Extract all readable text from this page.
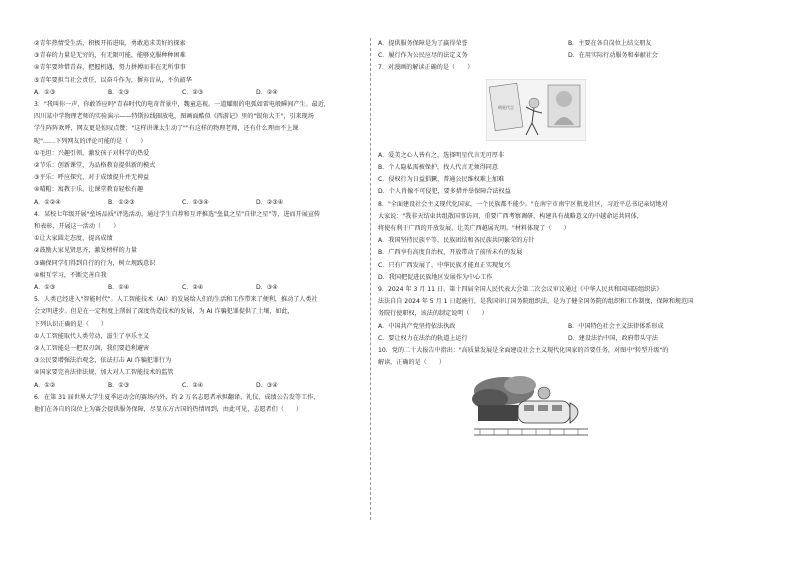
②青年热情受生活，积极开拓进取，勇敢追求美好的探索
③青春的力量是无穷的，有无限可能，能够克服种种困难
④青年要珍惜青春，把握机遇，努力拼搏而非在无所事事
⑤青年要担当社会责任，以奋斗作为，摒弃盲从，不负韶华
A．①③	B．①③	C．②③	D．②④
3．"我叫你一声，你敢答应吗"青春时代的电奇背景中，魏童巡视。一道耀眼的电弧如雷电般瞬间产生。最近，
四川某中学物理老师的实验演示——特斯拉线圈放电，图画面酷似《西游记》里的"银角大王"，引来现场
学生阵阵欢呼，网友更是惊叹点赞："这样讲课太生动了""有这样的物理老师，还有什么理由不上课
呢"……下列网友的评论可能的是（　　）
①毛坦：兴趣引领，激发孩子对科学的热爱
②节乐：创新课堂，为品格教育提供新的模式
③平乐：呼应探究，对于成绩提升并无裨益
④晴帽：寓教于乐，让课堂教育轻松有趣
A．①②④	B．①②③	C．①③④	D．②③④
4．某校七年级开展"垒场品质"评选活动，通过学生自荐和互评推选"垒鼠之星"自律之星"等，进而开展宣传
和表彰，开展这一活动（　　）
①让大家圆走态度，提高成绩
②鼓励大家见贤思齐，激发榜样的力量
③确保同学们得到自行的行为，树立规践意识
④相互学习，不断完善自我
A．①③	B．①④	C．②④	D．③④
5．人类已经进入"智能时代"。人工智能技术（AI）的发展给人们的生活和工作带来了便利，推动了人类社
会文明进步。但是在一定程度上削弱了深度伪造技术的发展，为 AI 诈骗犯罪提供了土壤，如此，
下列认识正确的是（　　）
①人工智能取代人类劳动，滋生了享乐主义
②人工智能是一把双刃剑，我们要趋利避害
③公民要增强法治观念，依法打击 AI 诈骗犯罪行为
④国家要完善法律法规，加大对人工智能技术的监管
A．①②	B．①③	C．②④	D．③④
6．在第 31 届世界大学生夏季运动会的赛场内外，约 2 万名志愿者承担翻译、礼仪、成绩公告发等工作，
他们在各自的岗位上为赛会提供服务保障，尽显东方古国的热情周到，由此可见，志愿者们（　　）
A．提供服务保障是为了赢得荣誉	B．主要在各自岗位上结交朋友
C．履行作为公民应尽的法定义务	D．在用实际行动服务和奉献社会
7．对漫画的解读正确的是（　　）
明星代言
A．爱美之心人皆有之，选择明星代言无可厚非
B．个人隐私需被保护，找人代言无须得同意
C．侵权行为日益猖獗，普通公民维权难上加难
D．个人肖像不可侵犯，要多措并举保障合法权益
8．"全面建设社会主义现代化国家，一个民族都不能少。"在南宁市南宁区瓶龙社区，习近平总书记亲切地对
大家说："我非天结束共组散国事访问，重要广西考察调研，构建具有战略意义的中越命运共同体，
将使有利于广西的开放发展，让美广西越展光明。"材料体现了（　　）
A．我国坚持民族平等、民族团结和各民族共同繁荣的方针
B．广西享有高度自治权，开放带动了前所未有的发展
C．只有广西发展了，中华民族才能真正实现复兴
D．我国把促进民族地区发展作为中心工作
9．2024 年 3 月 11 日，第十四届全国人民代表大会第二次会议审议通过《中华人民共和国国防组织法》
法法自自 2024 年 5 月 1 日起施行，是我国审订国务院组织法，是为了健全国务院的组织和工作制度，保障和规范国
务院行使职权，该法的制定说明（　　）
A．中国共产党坚持依法执政	B．中国特色社会主义法律体系形成
C．要让权力在法治的轨道上运行	D．建设法治中国，政府带头守法
10．党的二十大报告中指出："高质量发展是全面建设社会主义现代化国家的首要任务，对图中"转型升级"的
解读，正确的是（　　）
